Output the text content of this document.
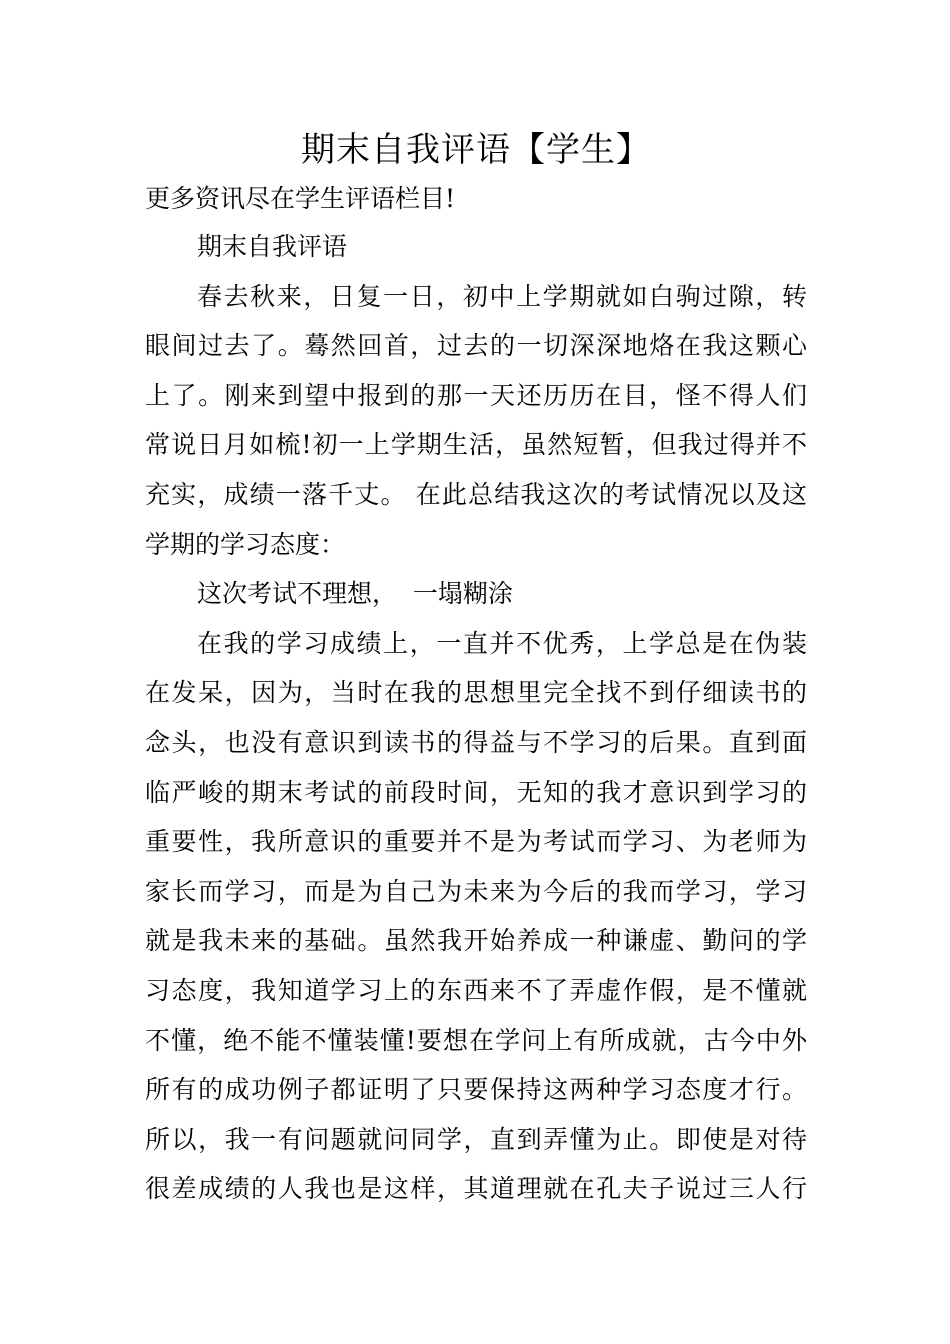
期末自我评语【学生】

更多资讯尽在学生评语栏目!

期末自我评语

春去秋来，日复一日，初中上学期就如白驹过隙，转

眼间过去了。蓦然回首，过去的一切深深地烙在我这颗心

上了。刚来到望中报到的那一天还历历在目，怪不得人们

常说日月如梳!初一上学期生活，虽然短暂，但我过得并不

充实，成绩一落千丈。 在此总结我这次的考试情况以及这

学期的学习态度：

这次考试不理想，  一塌糊涂

在我的学习成绩上，一直并不优秀，上学总是在伪装

在发呆，因为，当时在我的思想里完全找不到仔细读书的

念头，也没有意识到读书的得益与不学习的后果。直到面

临严峻的期末考试的前段时间，无知的我才意识到学习的

重要性，我所意识的重要并不是为考试而学习、为老师为

家长而学习，而是为自己为未来为今后的我而学习，学习

就是我未来的基础。虽然我开始养成一种谦虚、勤问的学

习态度，我知道学习上的东西来不了弄虚作假，是不懂就

不懂，绝不能不懂装懂!要想在学问上有所成就，古今中外

所有的成功例子都证明了只要保持这两种学习态度才行。

所以，我一有问题就问同学，直到弄懂为止。即使是对待

很差成绩的人我也是这样，其道理就在孔夫子说过三人行
